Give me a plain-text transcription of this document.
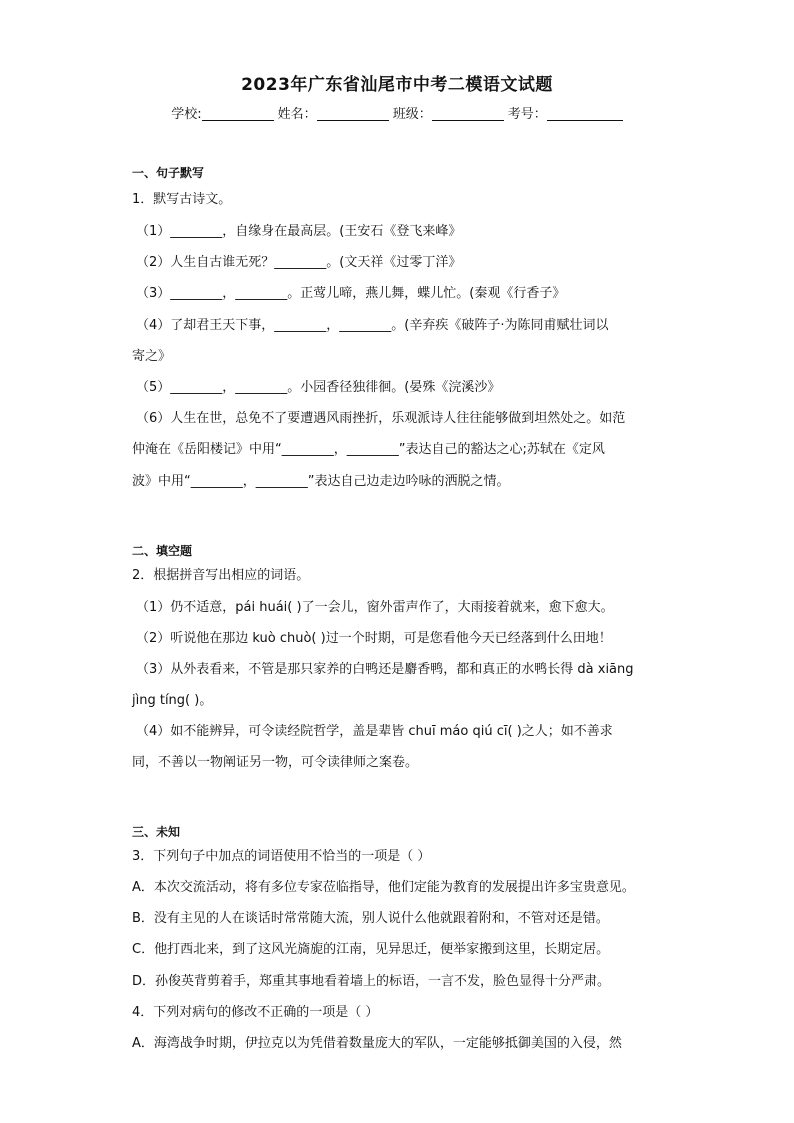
2023年广东省汕尾市中考二模语文试题
学校:	姓名：	班级：	考号：
一、句子默写
1．默写古诗文。
（1）________，自缘身在最高层。(王安石《登飞来峰》
（2）人生自古谁无死？________。(文天祥《过零丁洋》
（3）________，________。正莺儿啼，燕儿舞，蝶儿忙。(秦观《行香子》
（4）了却君王天下事，________，________。(辛弃疾《破阵子·为陈同甫赋壮词以
寄之》
（5）________，________。小园香径独徘徊。(晏殊《浣溪沙》
（6）人生在世，总免不了要遭遇风雨挫折，乐观派诗人往往能够做到坦然处之。如范
仲淹在《岳阳楼记》中用“________，________”表达自己的豁达之心;苏轼在《定风
波》中用“________，________”表达自己边走边吟咏的洒脱之情。
二、填空题
2．根据拼音写出相应的词语。
（1）仍不适意，pái huái( )了一会儿，窗外雷声作了，大雨接着就来，愈下愈大。
（2）听说他在那边 kuò chuò( )过一个时期，可是您看他今天已经落到什么田地！
（3）从外表看来，不管是那只家养的白鸭还是麝香鸭，都和真正的水鸭长得 dà xiāng
jìng tíng( )。
（4）如不能辨异，可令读经院哲学，盖是辈皆 chuī máo qiú cī( )之人；如不善求
同，不善以一物阐证另一物，可令读律师之案卷。
三、未知
3．下列句子中加点的词语使用不恰当的一项是（ ）
A．本次交流活动，将有多位专家莅临指导，他们定能为教育的发展提出许多宝贵意见。
B．没有主见的人在谈话时常常随大流，别人说什么他就跟着附和，不管对还是错。
C．他打西北来，到了这风光旖旎的江南，见异思迁，便举家搬到这里，长期定居。
D．孙俊英背剪着手，郑重其事地看着墙上的标语，一言不发，脸色显得十分严肃。
4．下列对病句的修改不正确的一项是（ ）
A．海湾战争时期，伊拉克以为凭借着数量庞大的军队，一定能够抵御美国的入侵，然
